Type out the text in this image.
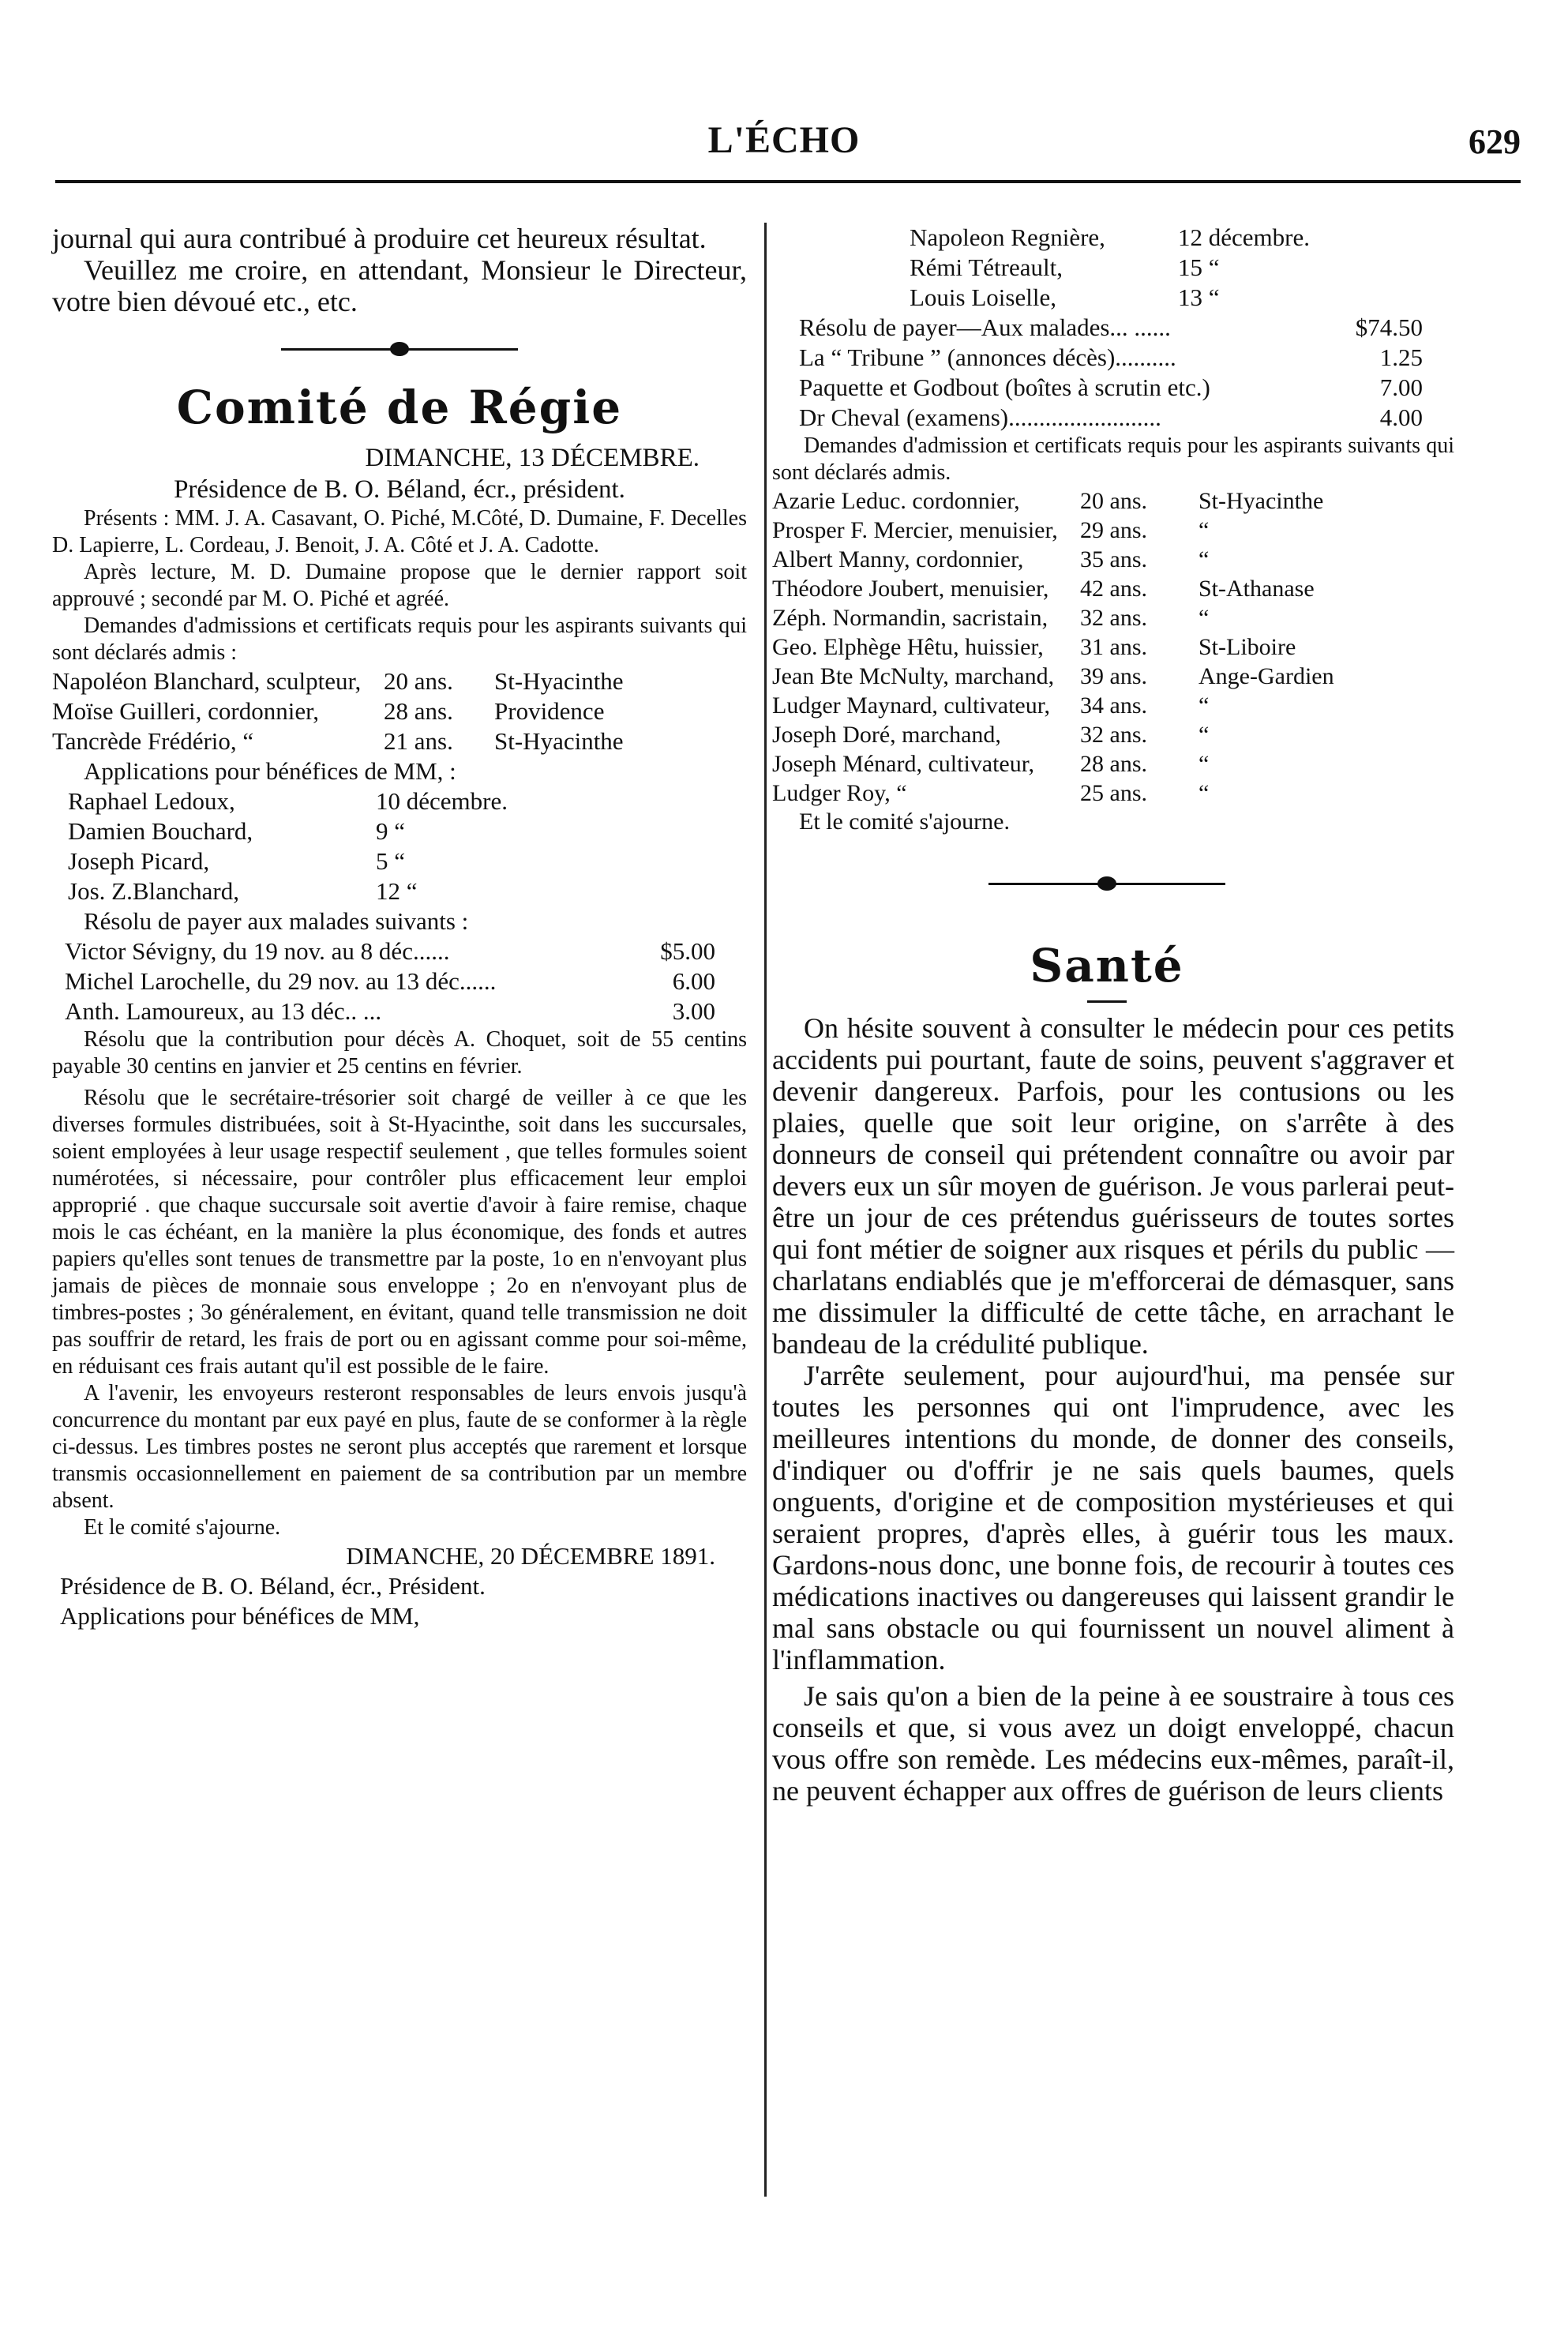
L'ÉCHO	629

journal qui aura contribué à produire cet heureux résultat.

Veuillez me croire, en attendant, Monsieur le Directeur, votre bien dévoué etc., etc.

Comité de Régie

DIMANCHE, 13 DÉCEMBRE.

Présidence de B. O. Béland, écr., président.

Présents : MM. J. A. Casavant, O. Piché, M.Côté, D. Dumaine, F. Decelles D. Lapierre, L. Cordeau, J. Benoit, J. A. Côté et J. A. Cadotte.

Après lecture, M. D. Dumaine propose que le dernier rapport soit approuvé ; secondé par M. O. Piché et agréé.

Demandes d'admissions et certificats requis pour les aspirants suivants qui sont déclarés admis :

Napoléon Blanchard, sculpteur, 20 ans.	St-Hyacinthe
Moïse Guilleri, cordonnier,	28 ans.	Providence
Tancrède Frédério, “	21 ans.	St-Hyacinthe

Applications pour bénéfices de MM, :

Raphael Ledoux,	10 décembre.
Damien Bouchard,	9 “
Joseph Picard,	5 “
Jos. Z.Blanchard,	12 “

Résolu de payer aux malades suivants :

Victor Sévigny, du 19 nov. au 8 déc......	$5.00
Michel Larochelle, du 29 nov. au 13 déc......	6.00
Anth. Lamoureux, au 13 déc.. ...	3.00

Résolu que la contribution pour décès A. Choquet, soit de 55 centins payable 30 centins en janvier et 25 centins en février.

Résolu que le secrétaire-trésorier soit chargé de veiller à ce que les diverses formules distribuées, soit à St-Hyacinthe, soit dans les succursales, soient employées à leur usage respectif seulement , que telles formules soient numérotées, si nécessaire, pour contrôler plus efficacement leur emploi approprié . que chaque succursale soit avertie d'avoir à faire remise, chaque mois le cas échéant, en la manière la plus économique, des fonds et autres papiers qu'elles sont tenues de transmettre par la poste, 1o en n'envoyant plus jamais de pièces de monnaie sous enveloppe ; 2o en n'envoyant plus de timbres-postes ; 3o généralement, en évitant, quand telle transmission ne doit pas souffrir de retard, les frais de port ou en agissant comme pour soi-même, en réduisant ces frais autant qu'il est possible de le faire.

A l'avenir, les envoyeurs resteront responsables de leurs envois jusqu'à concurrence du montant par eux payé en plus, faute de se conformer à la règle ci-dessus. Les timbres postes ne seront plus acceptés que rarement et lorsque transmis occasionnellement en paiement de sa contribution par un membre absent.

Et le comité s'ajourne.

DIMANCHE, 20 DÉCEMBRE 1891.

Présidence de B. O. Béland, écr., Président.

Applications pour bénéfices de MM,

Napoleon Regnière,	12 décembre.
Rémi Tétreault,	15 “
Louis Loiselle,	13 “
Résolu de payer—Aux malades... ......	$74.50
La “ Tribune ” (annonces décès)..........	1.25
Paquette et Godbout (boîtes à scrutin etc.)	7.00
Dr Cheval (examens).........................	4.00

Demandes d'admission et certificats requis pour les aspirants suivants qui sont déclarés admis.

Azarie Leduc. cordonnier,	20 ans.	St-Hyacinthe
Prosper F. Mercier, menuisier, 29 ans.	“
Albert Manny, cordonnier,	35 ans.	“
Théodore Joubert, menuisier,	42 ans.	St-Athanase
Zéph. Normandin, sacristain,	32 ans.	“
Geo. Elphège Hêtu, huissier,	31 ans.	St-Liboire
Jean Bte McNulty, marchand,	39 ans.	Ange-Gardien
Ludger Maynard, cultivateur,	34 ans.	“
Joseph Doré, marchand,	32 ans.	“
Joseph Ménard, cultivateur,	28 ans.	“
Ludger Roy, “	25 ans.	“

Et le comité s'ajourne.

Santé

On hésite souvent à consulter le médecin pour ces petits accidents pui pourtant, faute de soins, peuvent s'aggraver et devenir dangereux. Parfois, pour les contusions ou les plaies, quelle que soit leur origine, on s'arrête à des donneurs de conseil qui prétendent connaître ou avoir par devers eux un sûr moyen de guérison. Je vous parlerai peut-être un jour de ces prétendus guérisseurs de toutes sortes qui font métier de soigner aux risques et périls du public —charlatans endiablés que je m'efforcerai de démasquer, sans me dissimuler la difficulté de cette tâche, en arrachant le bandeau de la crédulité publique.

J'arrête seulement, pour aujourd'hui, ma pensée sur toutes les personnes qui ont l'imprudence, avec les meilleures intentions du monde, de donner des conseils, d'indiquer ou d'offrir je ne sais quels baumes, quels onguents, d'origine et de composition mystérieuses et qui seraient propres, d'après elles, à guérir tous les maux. Gardons-nous donc, une bonne fois, de recourir à toutes ces médications inactives ou dangereuses qui laissent grandir le mal sans obstacle ou qui fournissent un nouvel aliment à l'inflammation.

Je sais qu'on a bien de la peine à ee soustraire à tous ces conseils et que, si vous avez un doigt enveloppé, chacun vous offre son remède. Les médecins eux-mêmes, paraît-il, ne peuvent échapper aux offres de guérison de leurs clients
